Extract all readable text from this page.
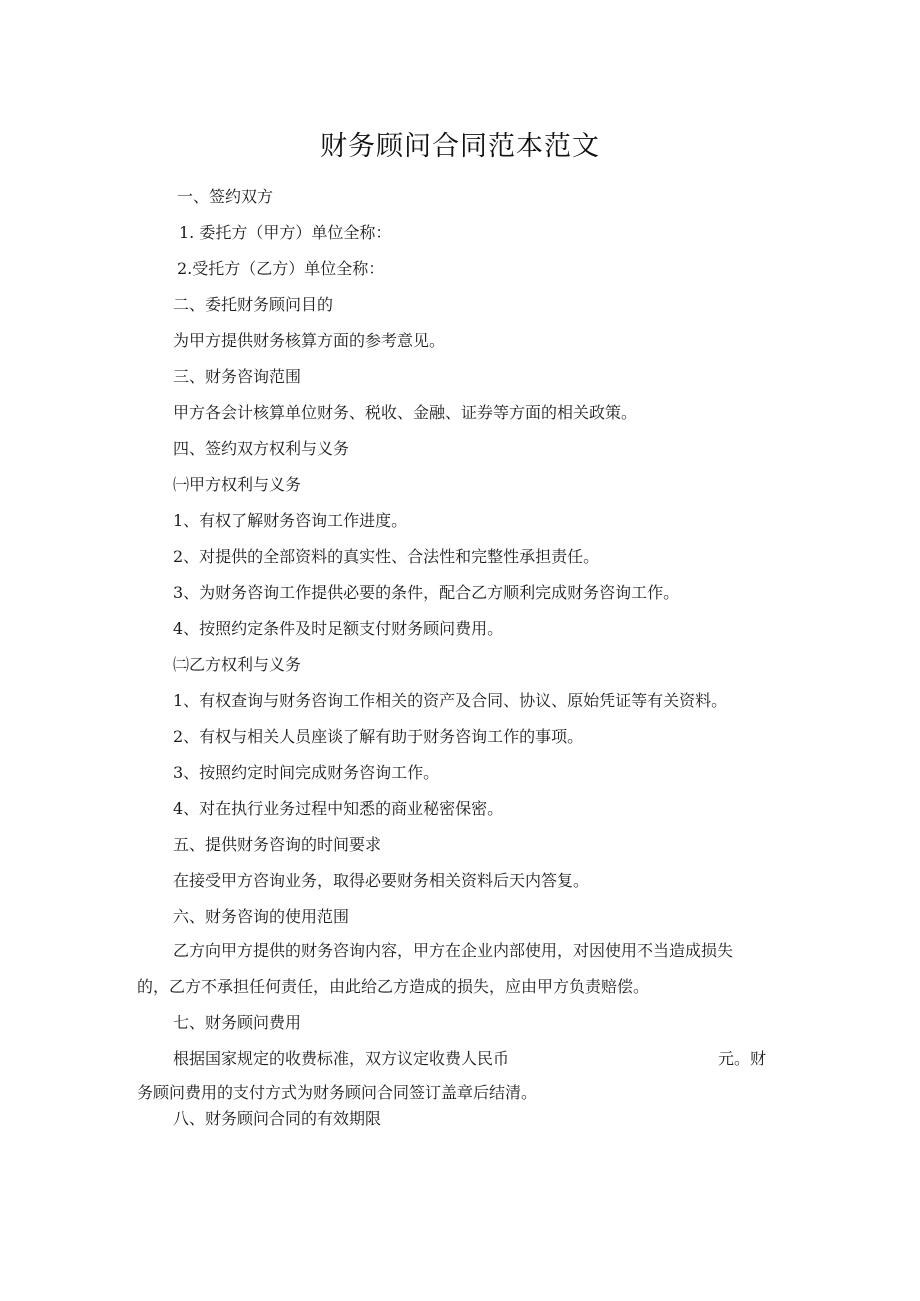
财务顾问合同范本范文
一、签约双方
1. 委托方（甲方）单位全称：
2.受托方（乙方）单位全称：
二、委托财务顾问目的
为甲方提供财务核算方面的参考意见。
三、财务咨询范围
甲方各会计核算单位财务、税收、金融、证券等方面的相关政策。
四、签约双方权利与义务
㈠甲方权利与义务
1、有权了解财务咨询工作进度。
2、对提供的全部资料的真实性、合法性和完整性承担责任。
3、为财务咨询工作提供必要的条件，配合乙方顺利完成财务咨询工作。
4、按照约定条件及时足额支付财务顾问费用。
㈡乙方权利与义务
1、有权查询与财务咨询工作相关的资产及合同、协议、原始凭证等有关资料。
2、有权与相关人员座谈了解有助于财务咨询工作的事项。
3、按照约定时间完成财务咨询工作。
4、对在执行业务过程中知悉的商业秘密保密。
五、提供财务咨询的时间要求
在接受甲方咨询业务，取得必要财务相关资料后天内答复。
六、财务咨询的使用范围
乙方向甲方提供的财务咨询内容，甲方在企业内部使用，对因使用不当造成损失
的，乙方不承担任何责任，由此给乙方造成的损失，应由甲方负责赔偿。
七、财务顾问费用
根据国家规定的收费标准，双方议定收费人民币	元。财
务顾问费用的支付方式为财务顾问合同签订盖章后结清。
八、财务顾问合同的有效期限
